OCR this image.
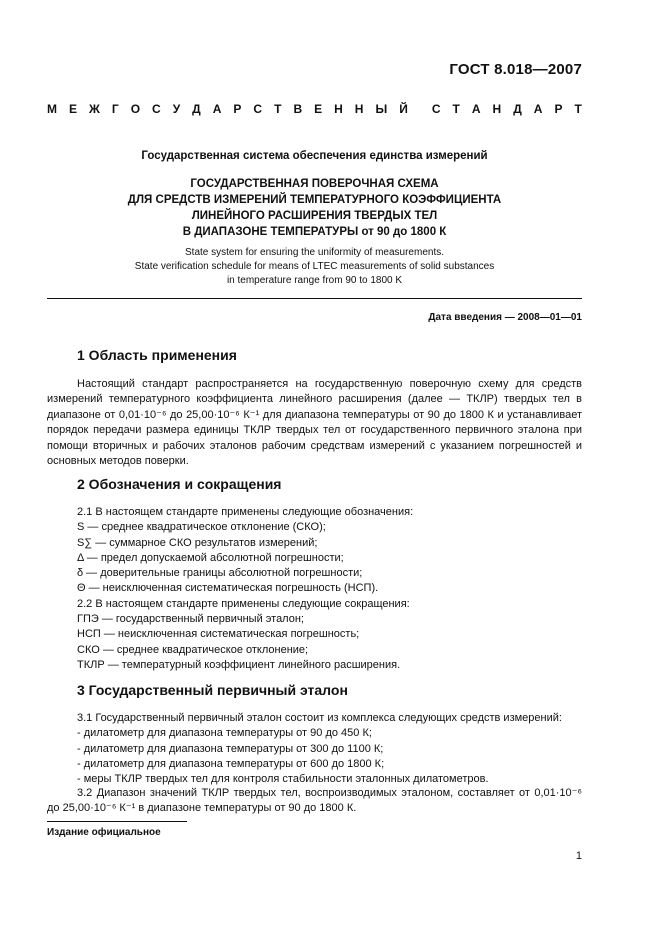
ГОСТ 8.018—2007
М Е Ж Г О С У Д А Р С Т В Е Н Н Ы Й С Т А Н Д А Р Т
Государственная система обеспечения единства измерений
ГОСУДАРСТВЕННАЯ ПОВЕРОЧНАЯ СХЕМА
ДЛЯ СРЕДСТВ ИЗМЕРЕНИЙ ТЕМПЕРАТУРНОГО КОЭФФИЦИЕНТА
ЛИНЕЙНОГО РАСШИРЕНИЯ ТВЕРДЫХ ТЕЛ
В ДИАПАЗОНЕ ТЕМПЕРАТУРЫ от 90 до 1800 К
State system for ensuring the uniformity of measurements.
State verification schedule for means of LTEC measurements of solid substances
in temperature range from 90 to 1800 K
Дата введения — 2008—01—01
1 Область применения
Настоящий стандарт распространяется на государственную поверочную схему для средств измерений температурного коэффициента линейного расширения (далее — ТКЛР) твердых тел в диапазоне от 0,01·10⁻⁶ до 25,00·10⁻⁶ К⁻¹ для диапазона температуры от 90 до 1800 К и устанавливает порядок передачи размера единицы ТКЛР твердых тел от государственного первичного эталона при помощи вторичных и рабочих эталонов рабочим средствам измерений с указанием погрешностей и основных методов поверки.
2 Обозначения и сокращения
2.1 В настоящем стандарте применены следующие обозначения:
S — среднее квадратическое отклонение (СКО);
S∑ — суммарное СКО результатов измерений;
Δ — предел допускаемой абсолютной погрешности;
δ — доверительные границы абсолютной погрешности;
Θ — неисключенная систематическая погрешность (НСП).
2.2 В настоящем стандарте применены следующие сокращения:
ГПЭ — государственный первичный эталон;
НСП — неисключенная систематическая погрешность;
СКО — среднее квадратическое отклонение;
ТКЛР — температурный коэффициент линейного расширения.
3 Государственный первичный эталон
3.1 Государственный первичный эталон состоит из комплекса следующих средств измерений:
- дилатометр для диапазона температуры от 90 до 450 К;
- дилатометр для диапазона температуры от 300 до 1100 К;
- дилатометр для диапазона температуры от 600 до 1800 К;
- меры ТКЛР твердых тел для контроля стабильности эталонных дилатометров.
3.2 Диапазон значений ТКЛР твердых тел, воспроизводимых эталоном, составляет от 0,01·10⁻⁶ до 25,00·10⁻⁶ К⁻¹ в диапазоне температуры от 90 до 1800 К.
Издание официальное
1
